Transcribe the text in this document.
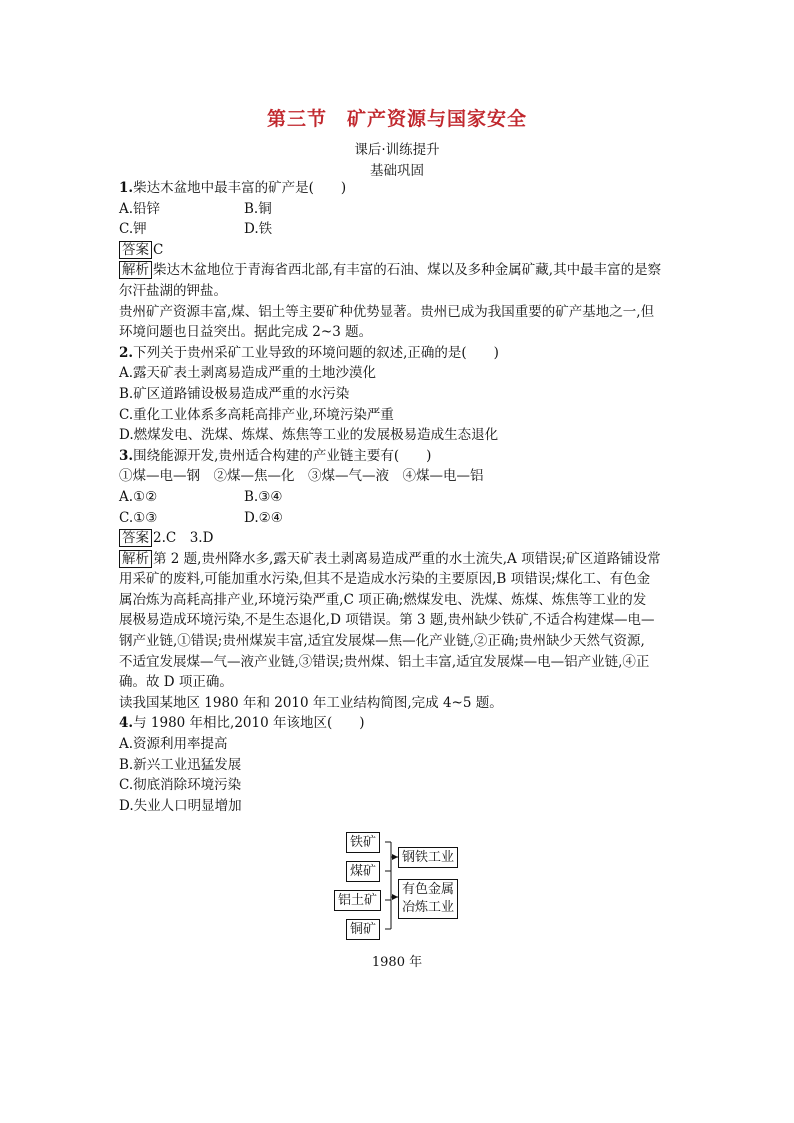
第三节　矿产资源与国家安全
课后·训练提升
基础巩固
1.柴达木盆地中最丰富的矿产是(　　)
A.铅锌	B.铜
C.钾	D.铁
答案 C
解析 柴达木盆地位于青海省西北部,有丰富的石油、煤以及多种金属矿藏,其中最丰富的是察
尔汗盐湖的钾盐。
贵州矿产资源丰富,煤、铝土等主要矿种优势显著。贵州已成为我国重要的矿产基地之一,但
环境问题也日益突出。据此完成 2~3 题。
2.下列关于贵州采矿工业导致的环境问题的叙述,正确的是(　　)
A.露天矿表土剥离易造成严重的土地沙漠化
B.矿区道路铺设极易造成严重的水污染
C.重化工业体系多高耗高排产业,环境污染严重
D.燃煤发电、洗煤、炼煤、炼焦等工业的发展极易造成生态退化
3.围绕能源开发,贵州适合构建的产业链主要有(　　)
①煤—电—钢　②煤—焦—化　③煤—气—液　④煤—电—铝
A.①②	B.③④
C.①③	D.②④
答案 2.C　3.D
解析 第 2 题,贵州降水多,露天矿表土剥离易造成严重的水土流失,A 项错误;矿区道路铺设常
用采矿的废料,可能加重水污染,但其不是造成水污染的主要原因,B 项错误;煤化工、有色金
属冶炼为高耗高排产业,环境污染严重,C 项正确;燃煤发电、洗煤、炼煤、炼焦等工业的发
展极易造成环境污染,不是生态退化,D 项错误。第 3 题,贵州缺少铁矿,不适合构建煤—电—
钢产业链,①错误;贵州煤炭丰富,适宜发展煤—焦—化产业链,②正确;贵州缺少天然气资源,
不适宜发展煤—气—液产业链,③错误;贵州煤、铝土丰富,适宜发展煤—电—铝产业链,④正
确。故 D 项正确。
读我国某地区 1980 年和 2010 年工业结构简图,完成 4~5 题。
4.与 1980 年相比,2010 年该地区(　　)
A.资源利用率提高
B.新兴工业迅猛发展
C.彻底消除环境污染
D.失业人口明显增加
铁矿
煤矿
铝土矿
铜矿
钢铁工业
有色金属
冶炼工业
1980 年
